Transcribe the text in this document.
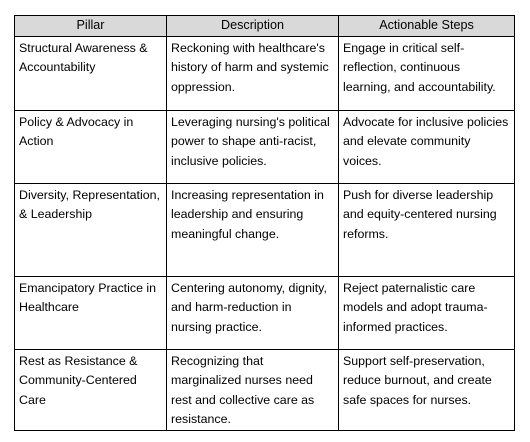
Pillar	Description	Actionable Steps
Structural Awareness & Accountability	Reckoning with healthcare's history of harm and systemic oppression.	Engage in critical self-reflection, continuous learning, and accountability.
Policy & Advocacy in Action	Leveraging nursing's political power to shape anti-racist, inclusive policies.	Advocate for inclusive policies and elevate community voices.
Diversity, Representation, & Leadership	Increasing representation in leadership and ensuring meaningful change.	Push for diverse leadership and equity-centered nursing reforms.
Emancipatory Practice in Healthcare	Centering autonomy, dignity, and harm-reduction in nursing practice.	Reject paternalistic care models and adopt trauma-informed practices.
Rest as Resistance & Community-Centered Care	Recognizing that marginalized nurses need rest and collective care as resistance.	Support self-preservation, reduce burnout, and create safe spaces for nurses.
